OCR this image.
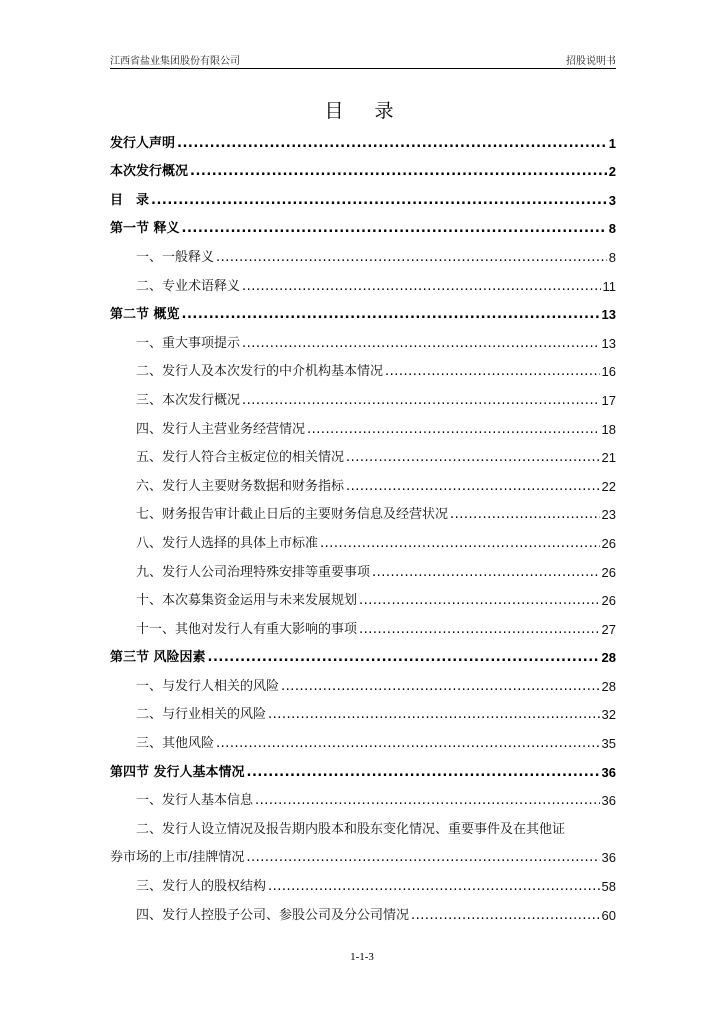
江西省盐业集团股份有限公司	招股说明书
目　录
发行人声明 .....	1
本次发行概况 .....	2
目　录 .....	3
第一节 释义 .....	8
一、一般释义 .....	8
二、专业术语释义 .....	11
第二节 概览 .....	13
一、重大事项提示 .....	13
二、发行人及本次发行的中介机构基本情况 .....	16
三、本次发行概况 .....	17
四、发行人主营业务经营情况 .....	18
五、发行人符合主板定位的相关情况 .....	21
六、发行人主要财务数据和财务指标 .....	22
七、财务报告审计截止日后的主要财务信息及经营状况 .....	23
八、发行人选择的具体上市标准 .....	26
九、发行人公司治理特殊安排等重要事项 .....	26
十、本次募集资金运用与未来发展规划 .....	26
十一、其他对发行人有重大影响的事项 .....	27
第三节 风险因素 .....	28
一、与发行人相关的风险 .....	28
二、与行业相关的风险 .....	32
三、其他风险 .....	35
第四节 发行人基本情况 .....	36
一、发行人基本信息 .....	36
二、发行人设立情况及报告期内股本和股东变化情况、重要事件及在其他证
券市场的上市/挂牌情况 .....	36
三、发行人的股权结构 .....	58
四、发行人控股子公司、参股公司及分公司情况 .....	60
1-1-3
